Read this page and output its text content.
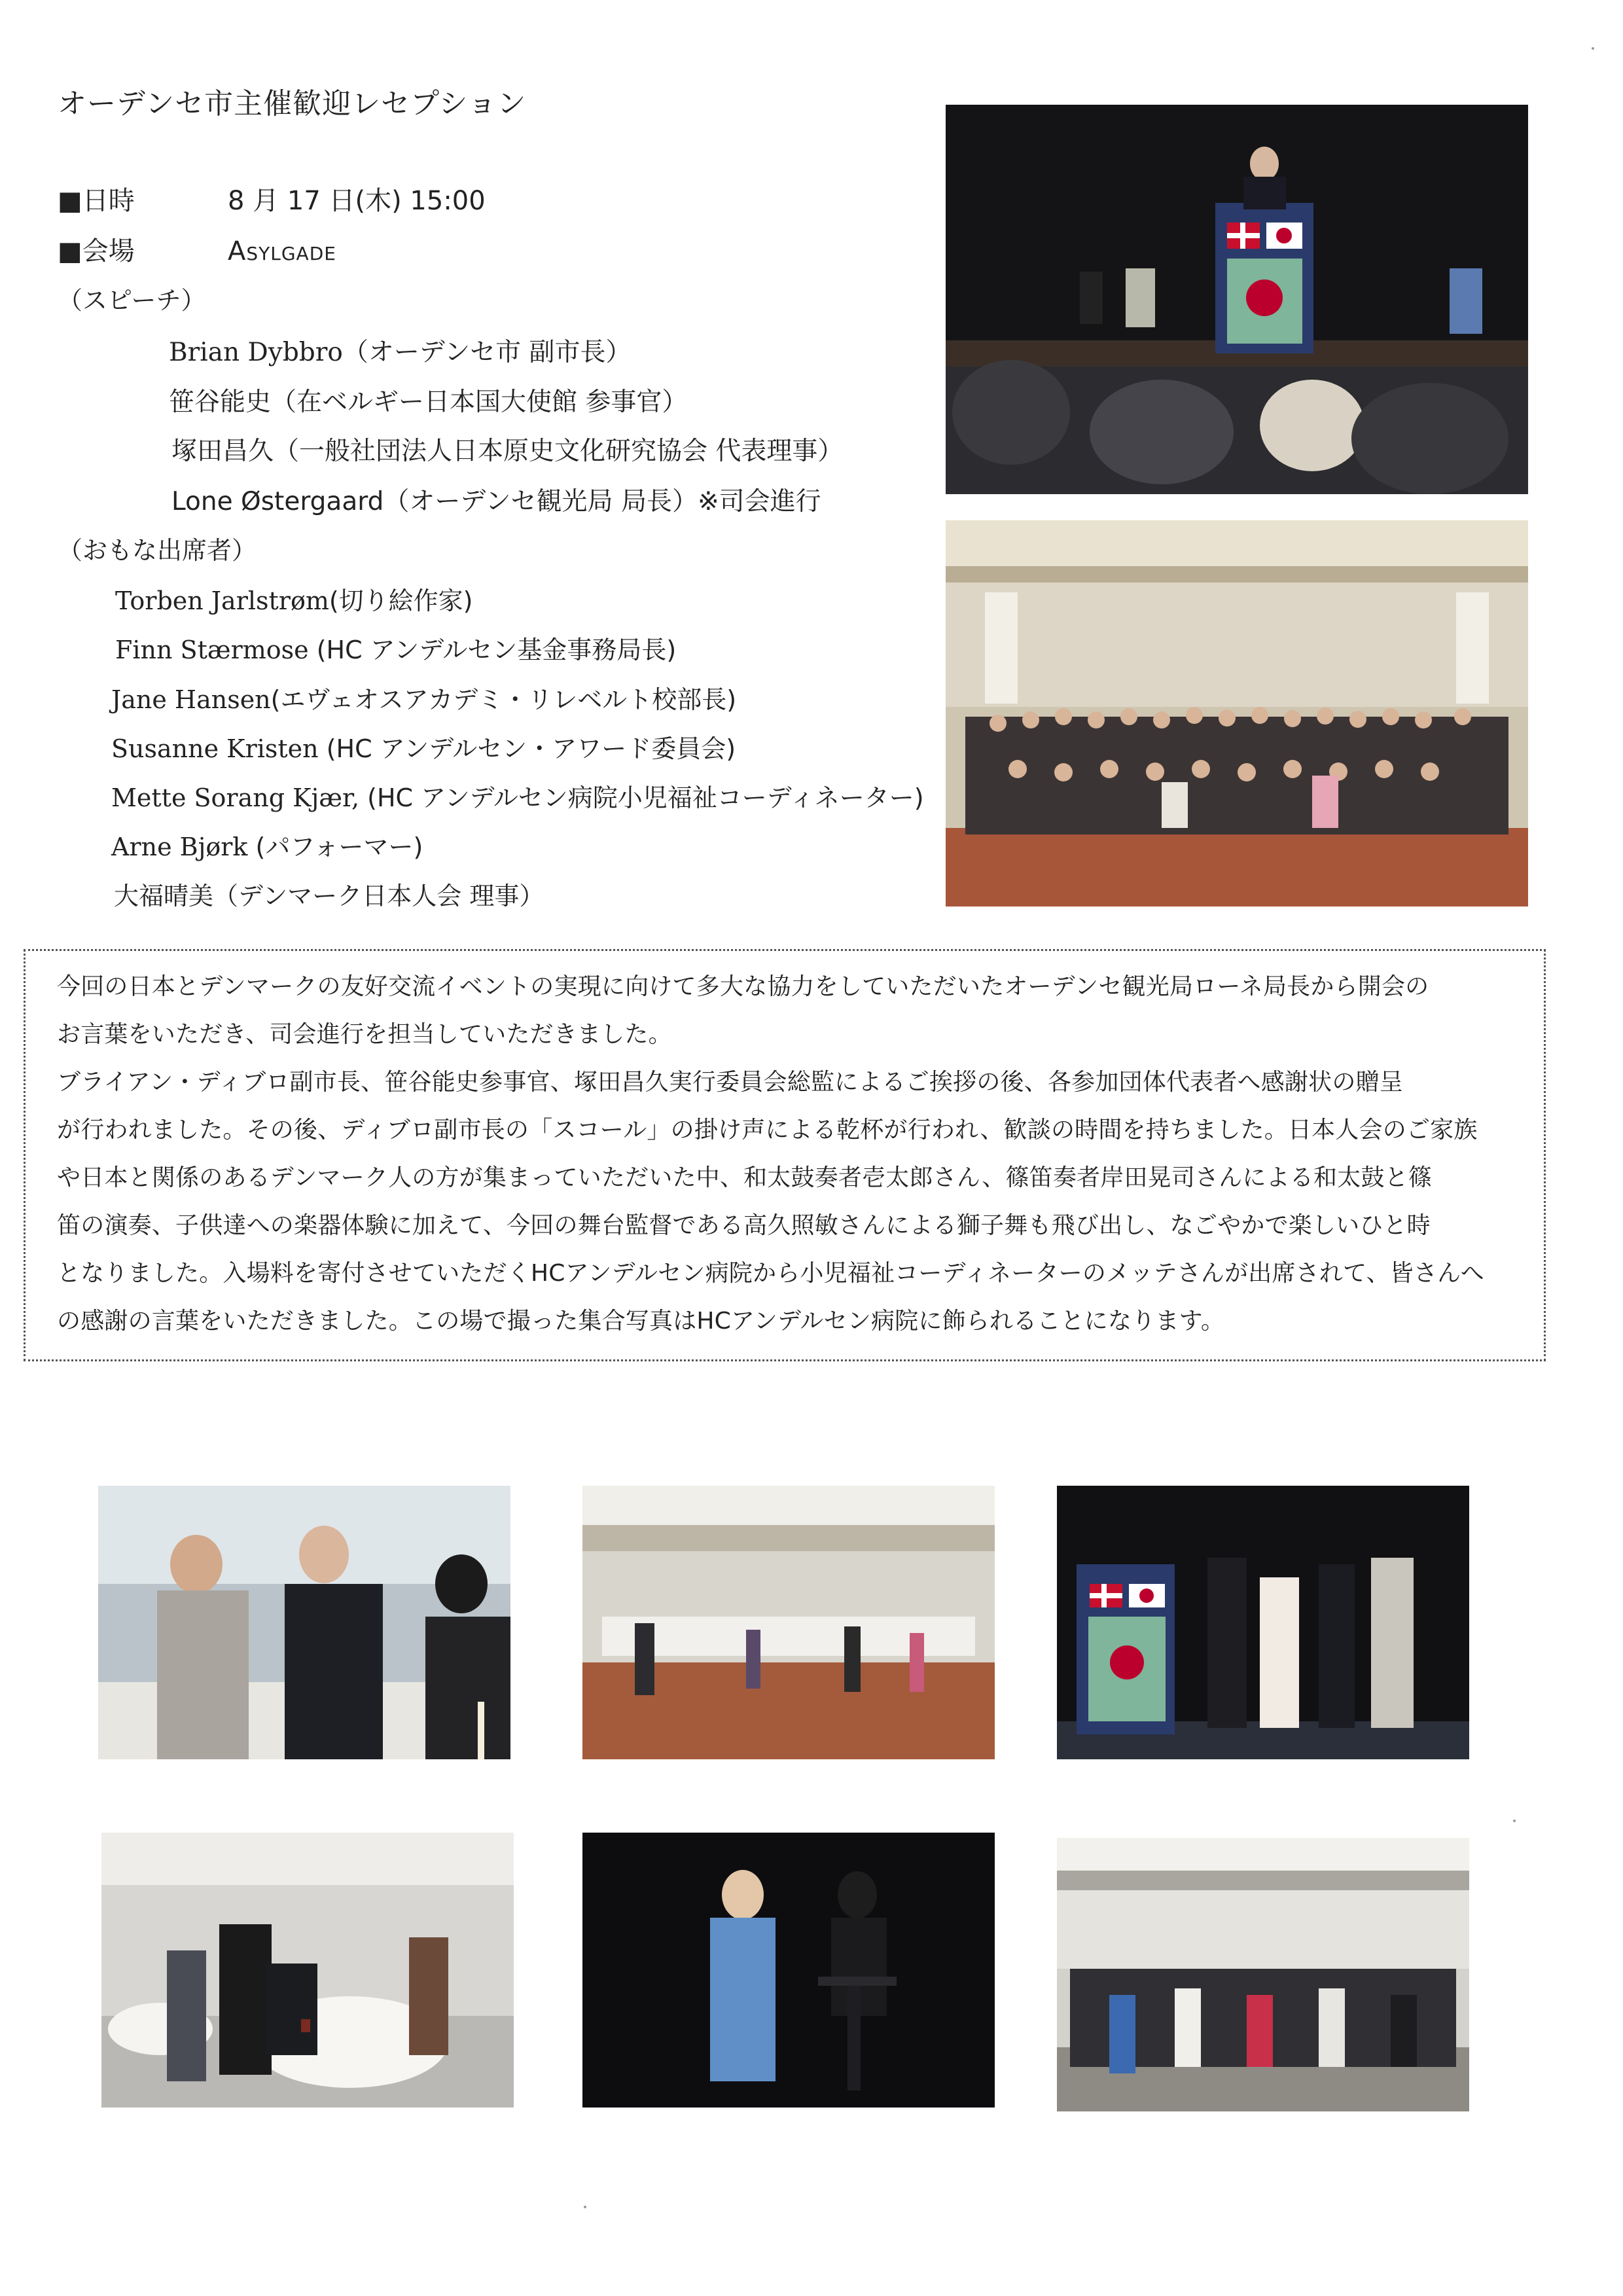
オーデンセ市主催歓迎レセプション
■日時	8 月 17 日(木) 15:00
■会場	Asylgade
（スピーチ）
Brian Dybbro（オーデンセ市 副市長）
笹谷能史（在ベルギー日本国大使館 参事官）
塚田昌久（一般社団法人日本原史文化研究協会 代表理事）
Lone Østergaard（オーデンセ観光局 局長）※司会進行
（おもな出席者）
Torben Jarlstrøm(切り絵作家)
Finn Stærmose (HC アンデルセン基金事務局長)
Jane Hansen(エヴェオスアカデミ・リレベルト校部長)
Susanne Kristen (HC アンデルセン・アワード委員会)
Mette Sorang Kjær, (HC アンデルセン病院小児福祉コーディネーター)
Arne Bjørk (パフォーマー)
大福晴美（デンマーク日本人会 理事）

今回の日本とデンマークの友好交流イベントの実現に向けて多大な協力をしていただいたオーデンセ観光局ローネ局長から開会の

お言葉をいただき、司会進行を担当していただきました。

ブライアン・ディブロ副市長、笹谷能史参事官、塚田昌久実行委員会総監によるご挨拶の後、各参加団体代表者へ感謝状の贈呈

が行われました。その後、ディブロ副市長の「スコール」の掛け声による乾杯が行われ、歓談の時間を持ちました。日本人会のご家族

や日本と関係のあるデンマーク人の方が集まっていただいた中、和太鼓奏者壱太郎さん、篠笛奏者岸田晃司さんによる和太鼓と篠

笛の演奏、子供達への楽器体験に加えて、今回の舞台監督である高久照敏さんによる獅子舞も飛び出し、なごやかで楽しいひと時

となりました。入場料を寄付させていただくHCアンデルセン病院から小児福祉コーディネーターのメッテさんが出席されて、皆さんへ

の感謝の言葉をいただきました。この場で撮った集合写真はHCアンデルセン病院に飾られることになります。
